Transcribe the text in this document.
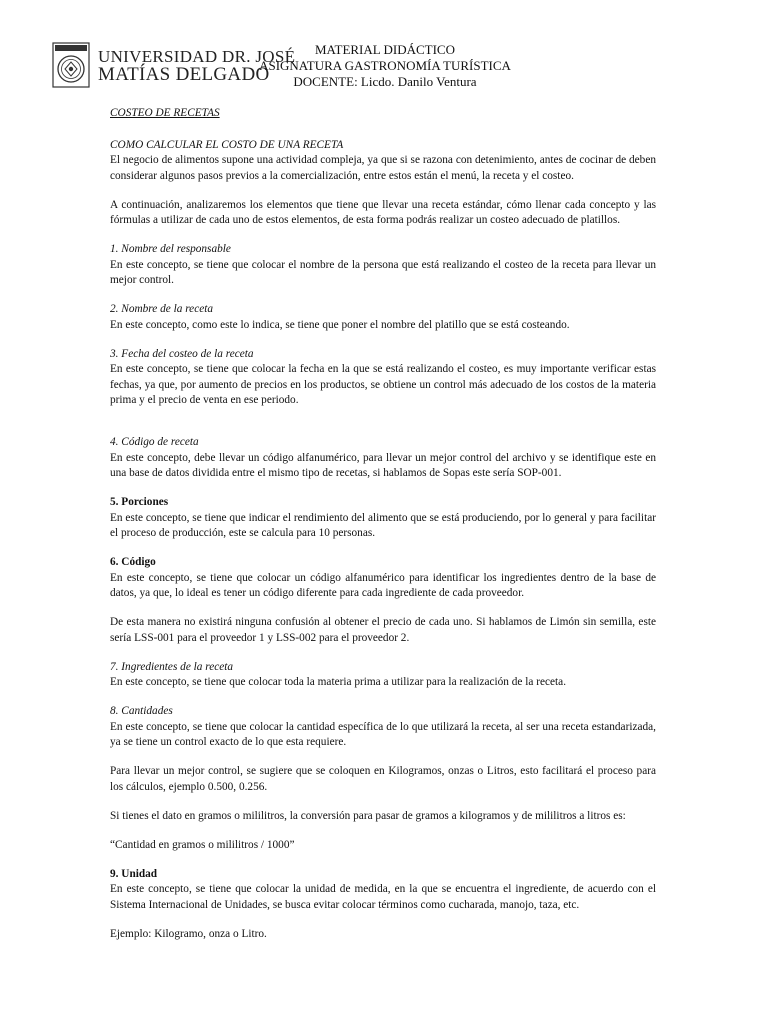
UNIVERSIDAD DR. JOSÉ
MATÍAS DELGADO
MATERIAL DIDÁCTICO
ASIGNATURA GASTRONOMÍA TURÍSTICA
DOCENTE: Licdo. Danilo Ventura

COSTEO DE RECETAS

COMO CALCULAR EL COSTO DE UNA RECETA
El negocio de alimentos supone una actividad compleja, ya que si se razona con detenimiento, antes de cocinar de deben considerar algunos pasos previos a la comercialización, entre estos están el menú, la receta y el costeo.

A continuación, analizaremos los elementos que tiene que llevar una receta estándar, cómo llenar cada concepto y las fórmulas a utilizar de cada uno de estos elementos, de esta forma podrás realizar un costeo adecuado de platillos.

1. Nombre del responsable
En este concepto, se tiene que colocar el nombre de la persona que está realizando el costeo de la receta para llevar un mejor control.
2. Nombre de la receta
En este concepto, como este lo indica, se tiene que poner el nombre del platillo que se está costeando.
3. Fecha del costeo de la receta
En este concepto, se tiene que colocar la fecha en la que se está realizando el costeo, es muy importante verificar estas fechas, ya que, por aumento de precios en los productos, se obtiene un control más adecuado de los costos de la materia prima y el precio de venta en ese periodo.
4. Código de receta
En este concepto, debe llevar un código alfanumérico, para llevar un mejor control del archivo y se identifique este en una base de datos dividida entre el mismo tipo de recetas, si hablamos de Sopas este sería SOP-001.
5. Porciones
En este concepto, se tiene que indicar el rendimiento del alimento que se está produciendo, por lo general y para facilitar el proceso de producción, este se calcula para 10 personas.
6. Código
En este concepto, se tiene que colocar un código alfanumérico para identificar los ingredientes dentro de la base de datos, ya que, lo ideal es tener un código diferente para cada ingrediente de cada proveedor.

De esta manera no existirá ninguna confusión al obtener el precio de cada uno. Si hablamos de Limón sin semilla, este sería LSS-001 para el proveedor 1 y LSS-002 para el proveedor 2.

7. Ingredientes de la receta
En este concepto, se tiene que colocar toda la materia prima a utilizar para la realización de la receta.
8. Cantidades
En este concepto, se tiene que colocar la cantidad específica de lo que utilizará la receta, al ser una receta estandarizada, ya se tiene un control exacto de lo que esta requiere.

Para llevar un mejor control, se sugiere que se coloquen en Kilogramos, onzas o Litros, esto facilitará el proceso para los cálculos, ejemplo 0.500, 0.256.

Si tienes el dato en gramos o mililitros, la conversión para pasar de gramos a kilogramos y de mililitros a litros es:

“Cantidad en gramos o mililitros / 1000”

9. Unidad
En este concepto, se tiene que colocar la unidad de medida, en la que se encuentra el ingrediente, de acuerdo con el Sistema Internacional de Unidades, se busca evitar colocar términos como cucharada, manojo, taza, etc.

Ejemplo: Kilogramo, onza o Litro.
